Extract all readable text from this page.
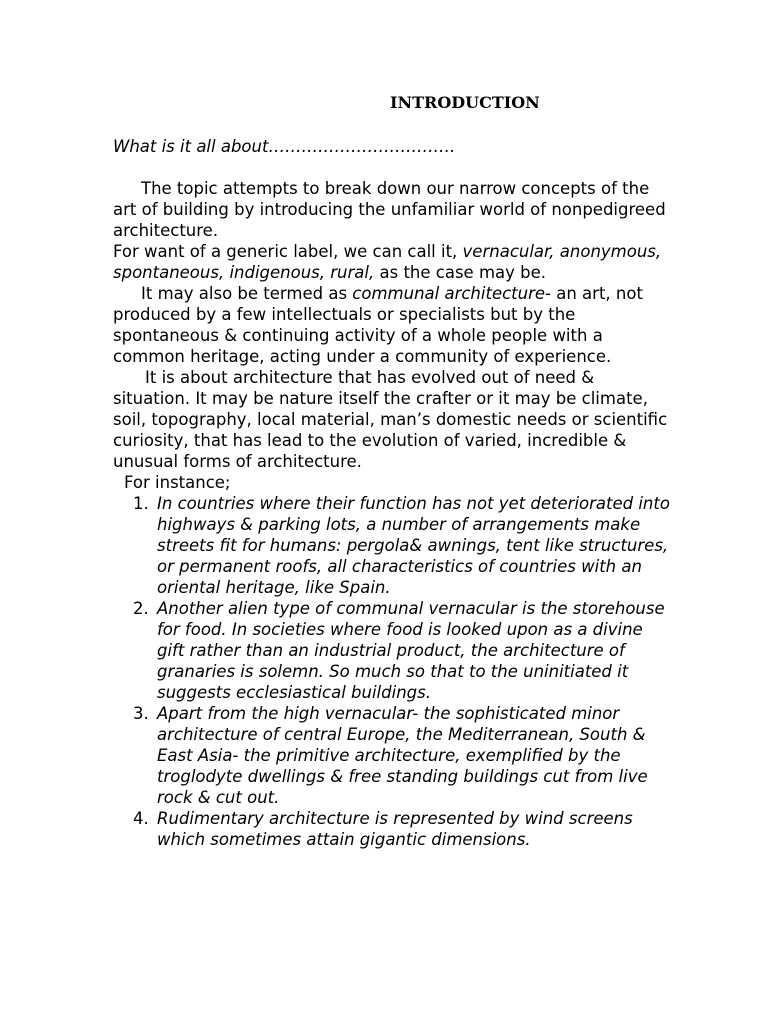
INTRODUCTION

What is it all about…………………………….

The topic attempts to break down our narrow concepts of the art of building by introducing the unfamiliar world of nonpedigreed architecture.

For want of a generic label, we can call it, vernacular, anonymous, spontaneous, indigenous, rural, as the case may be.

It may also be termed as communal architecture- an art, not produced by a few intellectuals or specialists but by the spontaneous & continuing activity of a whole people with a common heritage, acting under a community of experience.

It is about architecture that has evolved out of need & situation. It may be nature itself the crafter or it may be climate, soil, topography, local material, man’s domestic needs or scientific curiosity, that has lead to the evolution of varied, incredible & unusual forms of architecture.

For instance;

1. In countries where their function has not yet deteriorated into highways & parking lots, a number of arrangements make streets fit for humans: pergola& awnings, tent like structures, or permanent roofs, all characteristics of countries with an oriental heritage, like Spain.
2. Another alien type of communal vernacular is the storehouse for food. In societies where food is looked upon as a divine gift rather than an industrial product, the architecture of granaries is solemn. So much so that to the uninitiated it suggests ecclesiastical buildings.
3. Apart from the high vernacular- the sophisticated minor architecture of central Europe, the Mediterranean, South & East Asia- the primitive architecture, exemplified by the troglodyte dwellings & free standing buildings cut from live rock & cut out.
4. Rudimentary architecture is represented by wind screens which sometimes attain gigantic dimensions.
